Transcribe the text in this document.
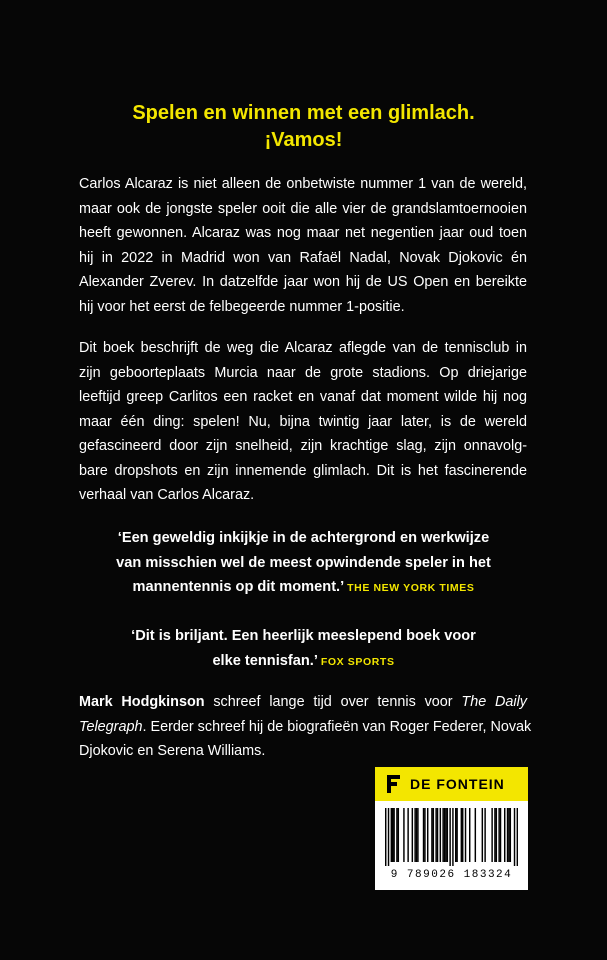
Spelen en winnen met een glimlach.
¡Vamos!
Carlos Alcaraz is niet alleen de onbetwiste nummer 1 van de wereld,
maar ook de jongste speler ooit die alle vier de grandslamtoernooien
heeft gewonnen. Alcaraz was nog maar net negentien jaar oud toen
hij in 2022 in Madrid won van Rafaël Nadal, Novak Djokovic én
Alexander Zverev. In datzelfde jaar won hij de US Open en bereikte
hij voor het eerst de felbegeerde nummer 1-positie.
Dit boek beschrijft de weg die Alcaraz aflegde van de tennisclub in
zijn geboorteplaats Murcia naar de grote stadions. Op driejarige
leeftijd greep Carlitos een racket en vanaf dat moment wilde hij nog
maar één ding: spelen! Nu, bijna twintig jaar later, is de wereld
gefascineerd door zijn snelheid, zijn krachtige slag, zijn onnavolg-
bare dropshots en zijn innemende glimlach. Dit is het fascinerende
verhaal van Carlos Alcaraz.
‘Een geweldig inkijkje in de achtergrond en werkwijze
van misschien wel de meest opwindende speler in het
mannentennis op dit moment.’ THE NEW YORK TIMES
‘Dit is briljant. Een heerlijk meeslepend boek voor
elke tennisfan.’ FOX SPORTS
Mark Hodgkinson schreef lange tijd over tennis voor The Daily
Telegraph. Eerder schreef hij de biografieën van Roger Federer, Novak
Djokovic en Serena Williams.
DE FONTEIN
9 789026 183324
